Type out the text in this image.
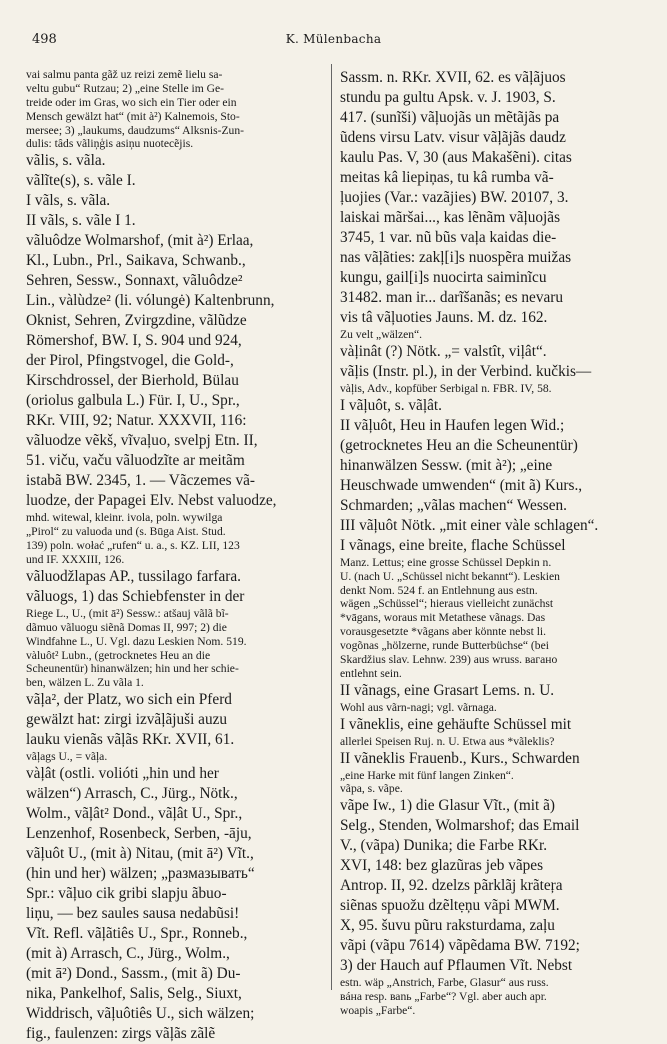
498	K. Mülenbacha
vai salmu panta gãž uz reizi zemẽ lielu sa-
veltu gubu“ Rutzau; 2) „eine Stelle im Ge-
treide oder im Gras, wo sich ein Tier oder ein
Mensch gewälzt hat“ (mit à²) Kalnemois, Sto-
mersee; 3) „laukums, daudzums“ Alksnis-Zun-
dulis: tâds vãliņģis asiņu nuotecẽjis.
vãlis, s. vãla.
vãlĩte(s), s. vãle I.
I vãls, s. vãla.
II vãls, s. vãle I 1.
vãluôdze Wolmarshof, (mit à²) Erlaa,
Kl., Lubn., Prl., Saikava, Schwanb.,
Sehren, Sessw., Sonnaxt, vãluôdze²
Lin., vàlùdze² (li. vólungė) Kaltenbrunn,
Oknist, Sehren, Zvirgzdine, vãlũdze
Römershof, BW. I, S. 904 und 924,
der Pirol, Pfingstvogel, die Gold-,
Kirschdrossel, der Bierhold, Bülau
(oriolus galbula L.) Für. I, U., Spr.,
RKr. VIII, 92; Natur. XXXVII, 116:
vãluodze vẽkš, vĩvaļuo, svelpj Etn. II,
51. viču, vaču vãluodzĩte ar meitãm
istabã BW. 2345, 1. — Vãczemes vã-
luodze, der Papagei Elv. Nebst valuodze,
mhd. witewal, kleinr. ivola, poln. wywilga
„Pirol“ zu valuoda und (s. Būga Aist. Stud.
139) poln. wołać „rufen“ u. a., s. KZ. LII, 123
und IF. XXXIII, 126.
vãluodžlapas AP., tussilago farfara.
vãluogs, 1) das Schiebfenster in der
Riege L., U., (mit ā²) Sessw.: atšauj vãlã bĩ-
dãmuo vãluogu siẽnã Domas II, 997; 2) die
Windfahne L., U. Vgl. dazu Leskien Nom. 519.
vàluôt² Lubn., (getrocknetes Heu an die
Scheunentür) hinanwälzen; hin und her schie-
ben, wälzen L. Zu vãla 1.
vãļa², der Platz, wo sich ein Pferd
gewälzt hat: zirgi izvãļãjuši auzu
lauku vienãs vãļãs RKr. XVII, 61.
vãļags U., = vãļa.
vàļât (ostli. volióti „hin und her
wälzen“) Arrasch, C., Jürg., Nötk.,
Wolm., vãļât² Dond., vãļât U., Spr.,
Lenzenhof, Rosenbeck, Serben, -āju,
vãļuôt U., (mit à) Nitau, (mit ā²) Vĩt.,
(hin und her) wälzen; „размазывать“
Spr.: vãļuo cik gribi slapju ãbuo-
liņu, — bez saules sausa nedabũsi!
Vĩt. Refl. vãļãtiês U., Spr., Ronneb.,
(mit à) Arrasch, C., Jürg., Wolm.,
(mit ā²) Dond., Sassm., (mit ã) Du-
nika, Pankelhof, Salis, Selg., Siuxt,
Widdrisch, vãļuôtiês U., sich wälzen;
fig., faulenzen: zirgs vãļãs zãlẽ
Sassm. n. RKr. XVII, 62. es vãļãjuos
stundu pa gultu Apsk. v. J. 1903, S.
417. (sunĩši) vãļuojãs un mẽtãjãs pa
ũdens virsu Latv. visur vãļãjãs daudz
kaulu Pas. V, 30 (aus Makašẽni). citas
meitas kâ liepiņas, tu kâ rumba vã-
ļuojies (Var.: vazãjies) BW. 20107, 3.
laiskai mãršai..., kas lẽnãm vãļuojãs
3745, 1 var. nũ bũs vaļa kaidas die-
nas vãļãties: zakļ[i]s nuospẽra muižas
kungu, gail[i]s nuocirta saiminĩcu
31482. man ir... darĩšanãs; es nevaru
vis tâ vãļuoties Jauns. M. dz. 162.
Zu velt „wälzen“.
vàļinât (?) Nötk. „= valstît, viļât“.
vãļis (Instr. pl.), in der Verbind. kučkis—
vàļis, Adv., kopfüber Serbigal n. FBR. IV, 58.
I vãļuôt, s. vãļât.
II vãļuôt, Heu in Haufen legen Wid.;
(getrocknetes Heu an die Scheunentür)
hinanwälzen Sessw. (mit à²); „eine
Heuschwade umwenden“ (mit ã) Kurs.,
Schmarden; „vãlas machen“ Wessen.
III vãļuôt Nötk. „mit einer vàle schlagen“.
I vãnags, eine breite, flache Schüssel
Manz. Lettus; eine grosse Schüssel Depkin n.
U. (nach U. „Schüssel nicht bekannt“). Leskien
denkt Nom. 524 f. an Entlehnung aus estn.
wägen „Schüssel“; hieraus vielleicht zunächst
*vāgans, woraus mit Metathese vãnags. Das
vorausgesetzte *vãgans aber könnte nebst li.
vogõnas „hölzerne, runde Butterbüchse“ (bei
Skardžius slav. Lehnw. 239) aus wruss. вагано
entlehnt sein.
II vãnags, eine Grasart Lems. n. U.
Wohl aus vãrn-nagi; vgl. vãrnaga.
I vãneklis, eine gehäufte Schüssel mit
allerlei Speisen Ruj. n. U. Etwa aus *vãleklis?
II vãneklis Frauenb., Kurs., Schwarden
„eine Harke mit fünf langen Zinken“.
vãpa, s. vãpe.
vãpe Iw., 1) die Glasur Vĩt., (mit ã)
Selg., Stenden, Wolmarshof; das Email
V., (vãpa) Dunika; die Farbe RKr.
XVI, 148: bez glazũras jeb vãpes
Antrop. II, 92. dzelzs pãrklãj krãteŗa
siẽnas spuožu dzẽltẹņu vãpi MWM.
X, 95. šuvu pũru raksturdama, zaļu
vãpi (vãpu 7614) vãpẽdama BW. 7192;
3) der Hauch auf Pflaumen Vĩt. Nebst
estn. wäp „Anstrich, Farbe, Glasur“ aus russ.
вáна resp. ваnь „Farbe“? Vgl. aber auch apr.
woapis „Farbe“.
